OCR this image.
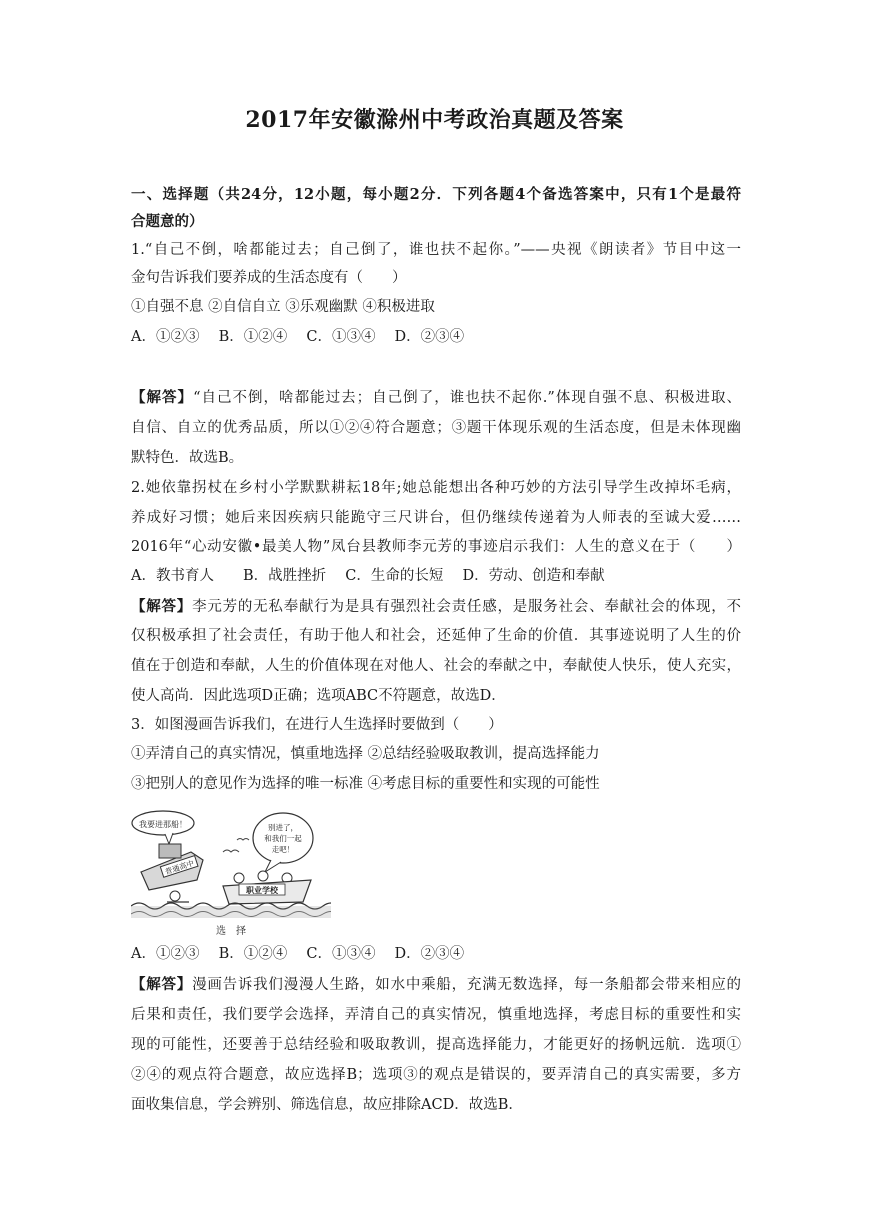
2017年安徽滁州中考政治真题及答案
一、选择题（共24分，12小题，每小题2分．下列各题4个备选答案中，只有1个是最符
合题意的）
1.“自己不倒，啥都能过去；自己倒了，谁也扶不起你。”——央视《朗读者》节目中这一
金句告诉我们要养成的生活态度有（　　）
①自强不息 ②自信自立 ③乐观幽默 ④积极进取
A．①②③　 B．①②④　 C．①③④　 D．②③④
【解答】“自己不倒，啥都能过去；自己倒了，谁也扶不起你.”体现自强不息、积极进取、
自信、自立的优秀品质，所以①②④符合题意；③题干体现乐观的生活态度，但是未体现幽
默特色．故选B。
2.她依靠拐杖在乡村小学默默耕耘18年;她总能想出各种巧妙的方法引导学生改掉坏毛病，
养成好习惯；她后来因疾病只能跪守三尺讲台，但仍继续传递着为人师表的至诚大爱……
2016年“心动安徽•最美人物”凤台县教师李元芳的事迹启示我们：人生的意义在于（　　）
A．教书育人　　B．战胜挫折　 C．生命的长短　 D．劳动、创造和奉献
【解答】李元芳的无私奉献行为是具有强烈社会责任感，是服务社会、奉献社会的体现，不
仅积极承担了社会责任，有助于他人和社会，还延伸了生命的价值．其事迹说明了人生的价
值在于创造和奉献，人生的价值体现在对他人、社会的奉献之中，奉献使人快乐，使人充实，
使人高尚．因此选项D正确；选项ABC不符题意，故选D．
3．如图漫画告诉我们，在进行人生选择时要做到（　　）
①弄清自己的真实情况，慎重地选择 ②总结经验吸取教训，提高选择能力
③把别人的意见作为选择的唯一标准 ④考虑目标的重要性和实现的可能性
我要进那船！
普通高中
别进了，
和我们一起
走吧！
职业学校
选　择
A．①②③　 B．①②④　 C．①③④　 D．②③④
【解答】漫画告诉我们漫漫人生路，如水中乘船，充满无数选择，每一条船都会带来相应的
后果和责任，我们要学会选择，弄清自己的真实情况，慎重地选择，考虑目标的重要性和实
现的可能性，还要善于总结经验和吸取教训，提高选择能力，才能更好的扬帆远航．选项①
②④的观点符合题意，故应选择B；选项③的观点是错误的，要弄清自己的真实需要，多方
面收集信息，学会辨别、筛选信息，故应排除ACD．故选B．
